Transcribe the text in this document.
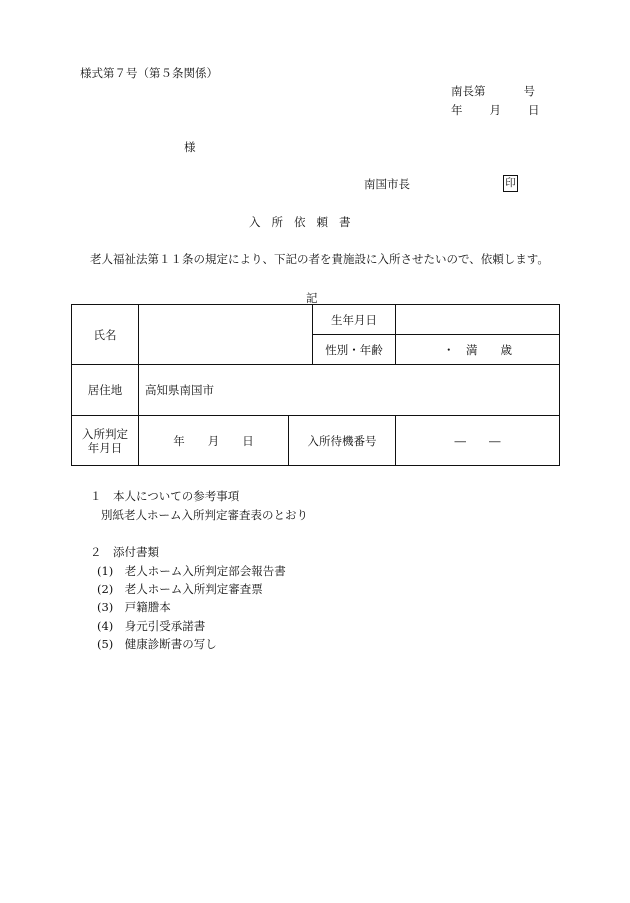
様式第７号（第５条関係）
南長第	号
年 月 日
様
南国市長	印
入所依頼書
老人福祉法第１１条の規定により、下記の者を貴施設に入所させたいので、依頼します。
記
氏名			生年月日	
			性別・年齢	・　満　　歳
居住地	高知県南国市			
入所判定
年月日	年　　月　　日	入所待機番号		―　　―
１　本人についての参考事項
別紙老人ホーム入所判定審査表のとおり
２　添付書類
(1)　老人ホーム入所判定部会報告書
(2)　老人ホーム入所判定審査票
(3)　戸籍謄本
(4)　身元引受承諾書
(5)　健康診断書の写し
